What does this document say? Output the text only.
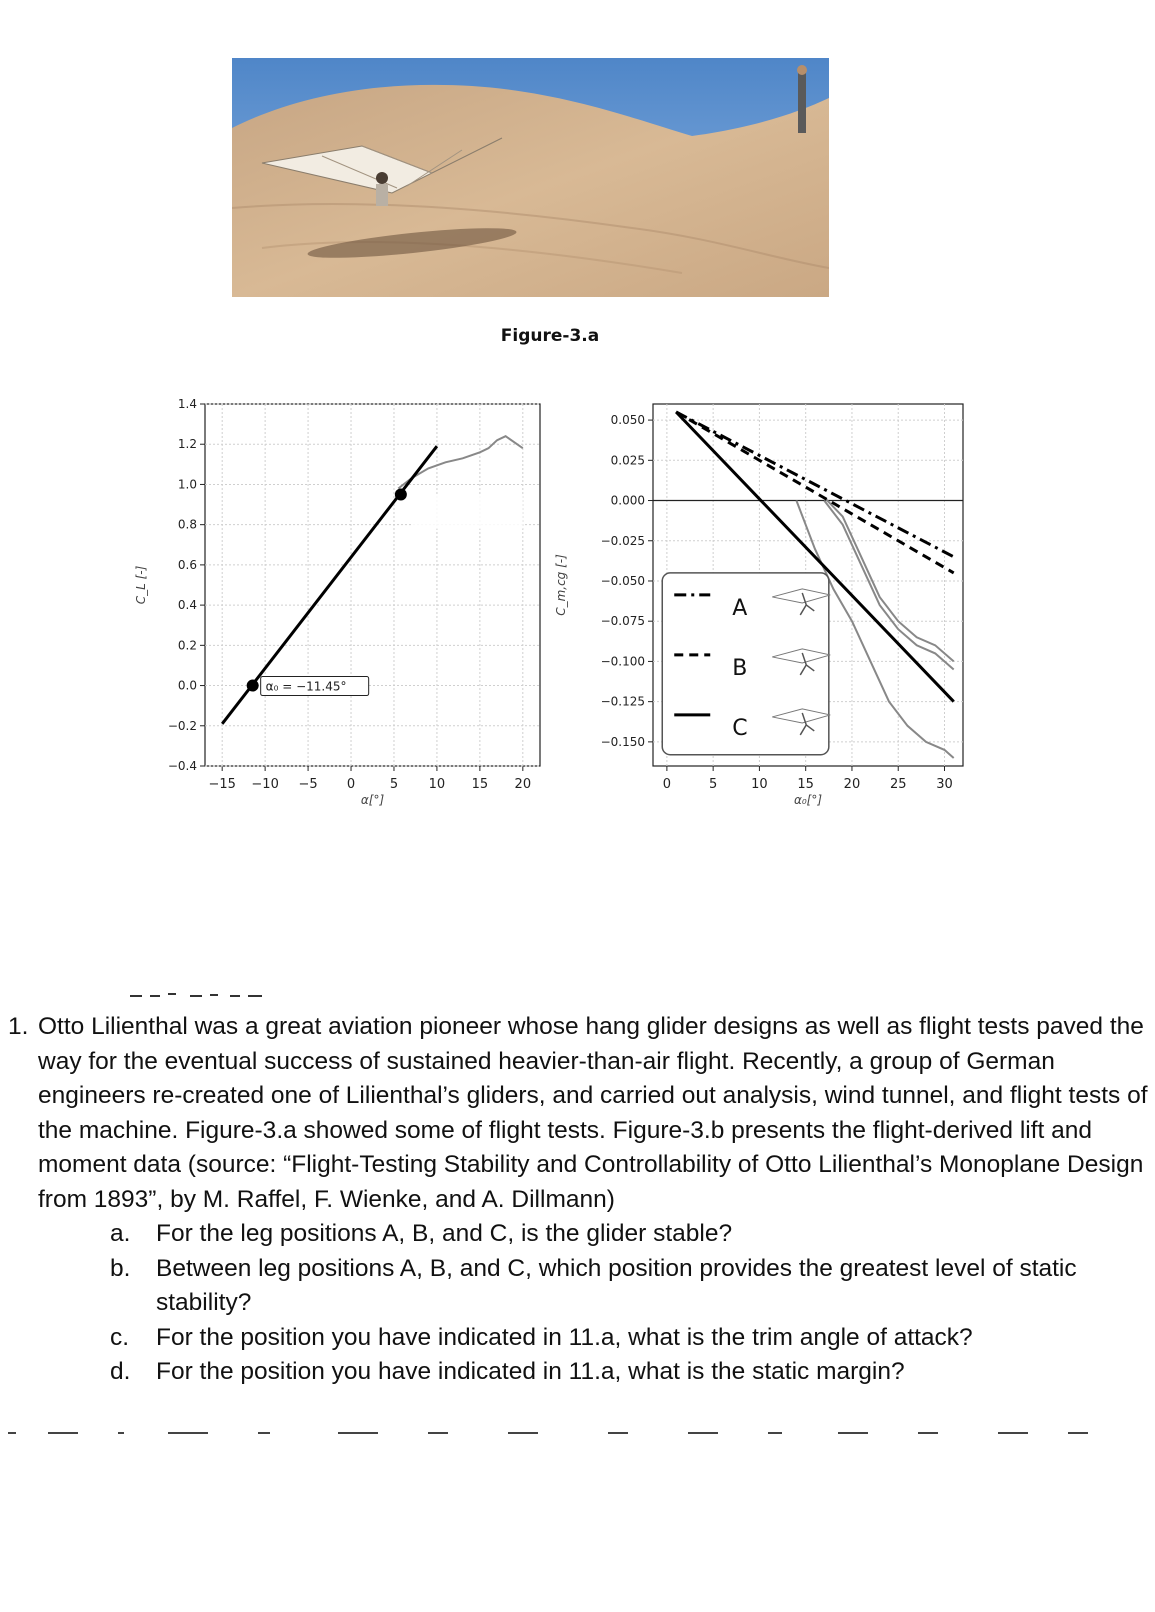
Figure-3.a
−15 −10 −5 0	5 10 15 20
1.4
1.2
1.0
0.8
0.6
0.4
0.2
0.0
−0.2
−0.4
α[°]
C_L [-]
α₀ = −11.45°
0	5	10 15 20 25 30
0.050
0.025
0.000
−0.025
−0.050
−0.075
−0.100
−0.125
−0.150
α₀[°]
C_m,cg [-]	A
B
C
1. Otto Lilienthal was a great aviation pioneer whose hang glider designs as well as flight tests paved the way for the eventual success of sustained heavier-than-air flight. Recently, a group of German engineers re-created one of Lilienthal’s gliders, and carried out analysis, wind tunnel, and flight tests of the machine. Figure-3.a showed some of flight tests. Figure-3.b presents the flight-derived lift and moment data (source: “Flight-Testing Stability and Controllability of Otto Lilienthal’s Monoplane Design from 1893”, by M. Raffel, F. Wienke, and A. Dillmann)
a. For the leg positions A, B, and C, is the glider stable?
b. Between leg positions A, B, and C, which position provides the greatest level of static stability?
c. For the position you have indicated in 11.a, what is the trim angle of attack?
d. For the position you have indicated in 11.a, what is the static margin?
